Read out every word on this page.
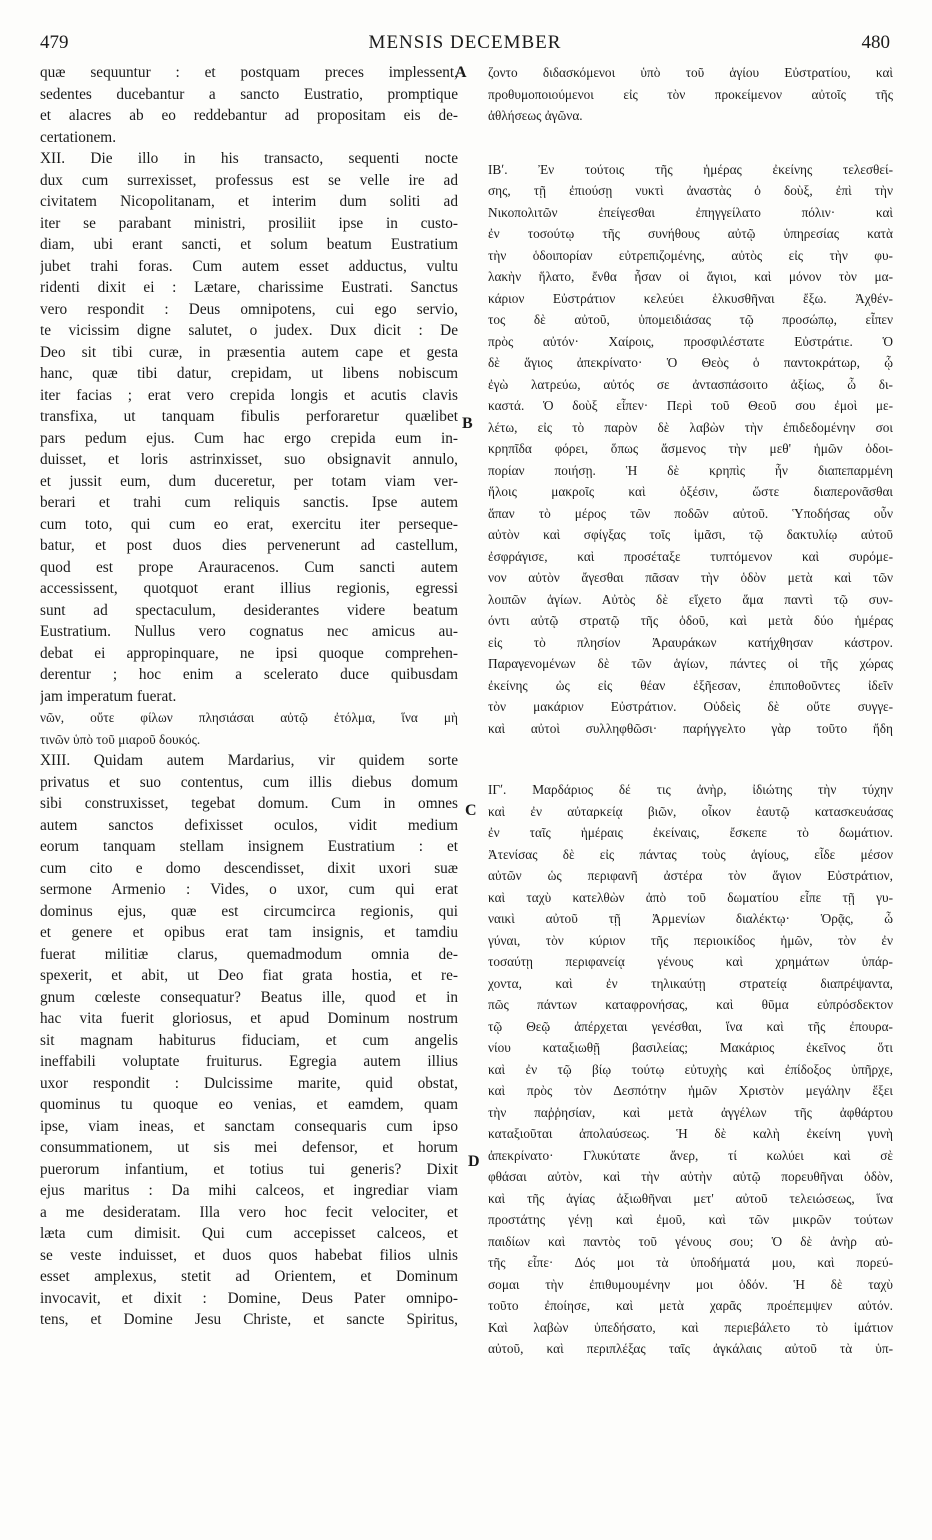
479	MENSIS DECEMBER	480
A
B
C
D
quæ sequuntur : et postquam preces implessent,
sedentes ducebantur a sancto Eustratio, promptique
et alacres ab eo reddebantur ad propositam eis de-
certationem.
XII. Die illo in his transacto, sequenti nocte
dux cum surrexisset, professus est se velle ire ad
civitatem Nicopolitanam, et interim dum soliti ad
iter se parabant ministri, prosiliit ipse in custo-
diam, ubi erant sancti, et solum beatum Eustratium
jubet trahi foras. Cum autem esset adductus, vultu
ridenti dixit ei : Lætare, charissime Eustrati. Sanctus
vero respondit : Deus omnipotens, cui ego servio,
te vicissim digne salutet, o judex. Dux dicit : De
Deo sit tibi curæ, in præsentia autem cape et gesta
hanc, quæ tibi datur, crepidam, ut libens nobiscum
iter facias ; erat vero crepida longis et acutis clavis
transfixa, ut tanquam fibulis perforaretur quælibet
pars pedum ejus. Cum hac ergo crepida eum in-
duisset, et loris astrinxisset, suo obsignavit annulo,
et jussit eum, dum duceretur, per totam viam ver-
berari et trahi cum reliquis sanctis. Ipse autem
cum toto, qui cum eo erat, exercitu iter perseque-
batur, et post duos dies pervenerunt ad castellum,
quod est prope Arauracenos. Cum sancti autem
accessissent, quotquot erant illius regionis, egressi
sunt ad spectaculum, desiderantes videre beatum
Eustratium. Nullus vero cognatus nec amicus au-
debat ei appropinquare, ne ipsi quoque comprehen-
derentur ; hoc enim a scelerato duce quibusdam
jam imperatum fuerat.
νῶν, οὔτε φίλων πλησιάσαι αὐτῷ ἐτόλμα, ἵνα μὴ
τινῶν ὑπὸ τοῦ μιαροῦ δουκός.
XIII. Quidam autem Mardarius, vir quidem sorte
privatus et suo contentus, cum illis diebus domum
sibi construxisset, tegebat domum. Cum in omnes
autem sanctos defixisset oculos, vidit medium
eorum tanquam stellam insignem Eustratium : et
cum cito e domo descendisset, dixit uxori suæ
sermone Armenio : Vides, o uxor, cum qui erat
dominus ejus, quæ est circumcirca regionis, qui
et genere et opibus erat tam insignis, et tamdiu
fuerat militiæ clarus, quemadmodum omnia de-
spexerit, et abit, ut Deo fiat grata hostia, et re-
gnum cœleste consequatur? Beatus ille, quod et in
hac vita fuerit gloriosus, et apud Dominum nostrum
sit magnam habiturus fiduciam, et cum angelis
ineffabili voluptate fruiturus. Egregia autem illius
uxor respondit : Dulcissime marite, quid obstat,
quominus tu quoque eo venias, et eamdem, quam
ipse, viam ineas, et sanctam consequaris cum ipso
consummationem, ut sis mei defensor, et horum
puerorum infantium, et totius tui generis? Dixit
ejus maritus : Da mihi calceos, et ingrediar viam
a me desideratam. Illa vero hoc fecit velociter, et
læta cum dimisit. Qui cum accepisset calceos, et
se veste induisset, et duos quos habebat filios ulnis
esset amplexus, stetit ad Orientem, et Dominum
invocavit, et dixit : Domine, Deus Pater omnipo-
tens, et Domine Jesu Christe, et sancte Spiritus,
ζοντο διδασκόμενοι ὑπὸ τοῦ ἁγίου Εὐστρατίου, καὶ
προθυμοποιούμενοι εἰς τὸν προκείμενον αὐτοῖς τῆς
ἀθλήσεως ἀγῶνα.
ΙΒʹ. Ἐν τούτοις τῆς ἡμέρας ἐκείνης τελεσθεί-
σης, τῇ ἐπιούσῃ νυκτὶ ἀναστὰς ὁ δοὺξ, ἐπὶ τὴν
Νικοπολιτῶν ἐπείγεσθαι ἐπηγγείλατο πόλιν· καὶ
ἐν τοσούτῳ τῆς συνήθους αὐτῷ ὑπηρεσίας κατὰ
τὴν ὁδοιπορίαν εὐτρεπιζομένης, αὐτὸς εἰς τὴν φυ-
λακὴν ἥλατο, ἔνθα ἦσαν οἱ ἅγιοι, καὶ μόνον τὸν μα-
κάριον Εὐστράτιον κελεύει ἑλκυσθῆναι ἔξω. Ἀχθέν-
τος δὲ αὐτοῦ, ὑπομειδιάσας τῷ προσώπῳ, εἶπεν
πρὸς αὐτόν· Χαίροις, προσφιλέστατε Εὐστράτιε. Ὁ
δὲ ἅγιος ἀπεκρίνατο· Ὁ Θεὸς ὁ παντοκράτωρ, ᾧ
ἐγὼ λατρεύω, αὐτός σε ἀντασπάσοιτο ἀξίως, ὦ δι-
καστά. Ὁ δοὺξ εἶπεν· Περὶ τοῦ Θεοῦ σου ἐμοὶ με-
λέτω, εἰς τὸ παρὸν δὲ λαβὼν τὴν ἐπιδεδομένην σοι
κρηπῖδα φόρει, ὅπως ἄσμενος τὴν μεθ' ἡμῶν ὁδοι-
πορίαν ποιήσῃ. Ἡ δὲ κρηπὶς ἦν διαπεπαρμένη
ἥλοις μακροῖς καὶ ὀξέσιν, ὥστε διαπερονᾶσθαι
ἅπαν τὸ μέρος τῶν ποδῶν αὐτοῦ. Ὑποδήσας οὖν
αὐτὸν καὶ σφίγξας τοῖς ἱμᾶσι, τῷ δακτυλίῳ αὐτοῦ
ἐσφράγισε, καὶ προσέταξε τυπτόμενον καὶ συρόμε-
νον αὐτὸν ἄγεσθαι πᾶσαν τὴν ὁδὸν μετὰ καὶ τῶν
λοιπῶν ἁγίων. Αὐτὸς δὲ εἴχετο ἅμα παντὶ τῷ συν-
όντι αὐτῷ στρατῷ τῆς ὁδοῦ, καὶ μετὰ δύο ἡμέρας
εἰς τὸ πλησίον Ἀραυράκων κατήχθησαν κάστρον.
Παραγενομένων δὲ τῶν ἁγίων, πάντες οἱ τῆς χώρας
ἐκείνης ὡς εἰς θέαν ἐξῆεσαν, ἐπιποθοῦντες ἰδεῖν
τὸν μακάριον Εὐστράτιον. Οὐδεὶς δὲ οὔτε συγγε-
καὶ αὐτοὶ συλληφθῶσι· παρήγγελτο γὰρ τοῦτο ἤδη
ΙΓʹ. Μαρδάριος δέ τις ἀνὴρ, ἰδιώτης τὴν τύχην
καὶ ἐν αὐταρκείᾳ βιῶν, οἶκον ἑαυτῷ κατασκευάσας
ἐν ταῖς ἡμέραις ἐκείναις, ἔσκεπε τὸ δωμάτιον.
Ἀτενίσας δὲ εἰς πάντας τοὺς ἁγίους, εἶδε μέσον
αὐτῶν ὡς περιφανῆ ἀστέρα τὸν ἅγιον Εὐστράτιον,
καὶ ταχὺ κατελθὼν ἀπὸ τοῦ δωματίου εἶπε τῇ γυ-
ναικὶ αὐτοῦ τῇ Ἀρμενίων διαλέκτῳ· Ὁρᾷς, ὦ
γύναι, τὸν κύριον τῆς περιοικίδος ἡμῶν, τὸν ἐν
τοσαύτῃ περιφανείᾳ γένους καὶ χρημάτων ὑπάρ-
χοντα, καὶ ἐν τηλικαύτῃ στρατείᾳ διαπρέψαντα,
πῶς πάντων καταφρονήσας, καὶ θῦμα εὐπρόσδεκτον
τῷ Θεῷ ἀπέρχεται γενέσθαι, ἵνα καὶ τῆς ἐπουρα-
νίου καταξιωθῇ βασιλείας; Μακάριος ἐκεῖνος ὅτι
καὶ ἐν τῷ βίῳ τούτῳ εὐτυχὴς καὶ ἐπίδοξος ὑπῆρχε,
καὶ πρὸς τὸν Δεσπότην ἡμῶν Χριστὸν μεγάλην ἕξει
τὴν παῤῥησίαν, καὶ μετὰ ἀγγέλων τῆς ἀφθάρτου
καταξιοῦται ἀπολαύσεως. Ἡ δὲ καλὴ ἐκείνη γυνὴ
ἀπεκρίνατο· Γλυκύτατε ἄνερ, τί κωλύει καὶ σὲ
φθάσαι αὐτὸν, καὶ τὴν αὐτὴν αὐτῷ πορευθῆναι ὁδὸν,
καὶ τῆς ἁγίας ἀξιωθῆναι μετ' αὐτοῦ τελειώσεως, ἵνα
προστάτης γένῃ καὶ ἐμοῦ, καὶ τῶν μικρῶν τούτων
παιδίων καὶ παντὸς τοῦ γένους σου; Ὁ δὲ ἀνὴρ αὐ-
τῆς εἶπε· Δός μοι τὰ ὑποδήματά μου, καὶ πορεύ-
σομαι τὴν ἐπιθυμουμένην μοι ὁδόν. Ἡ δὲ ταχὺ
τοῦτο ἐποίησε, καὶ μετὰ χαρᾶς προέπεμψεν αὐτόν.
Καὶ λαβὼν ὑπεδήσατο, καὶ περιεβάλετο τὸ ἱμάτιον
αὐτοῦ, καὶ περιπλέξας ταῖς ἀγκάλαις αὐτοῦ τὰ ὑπ-
